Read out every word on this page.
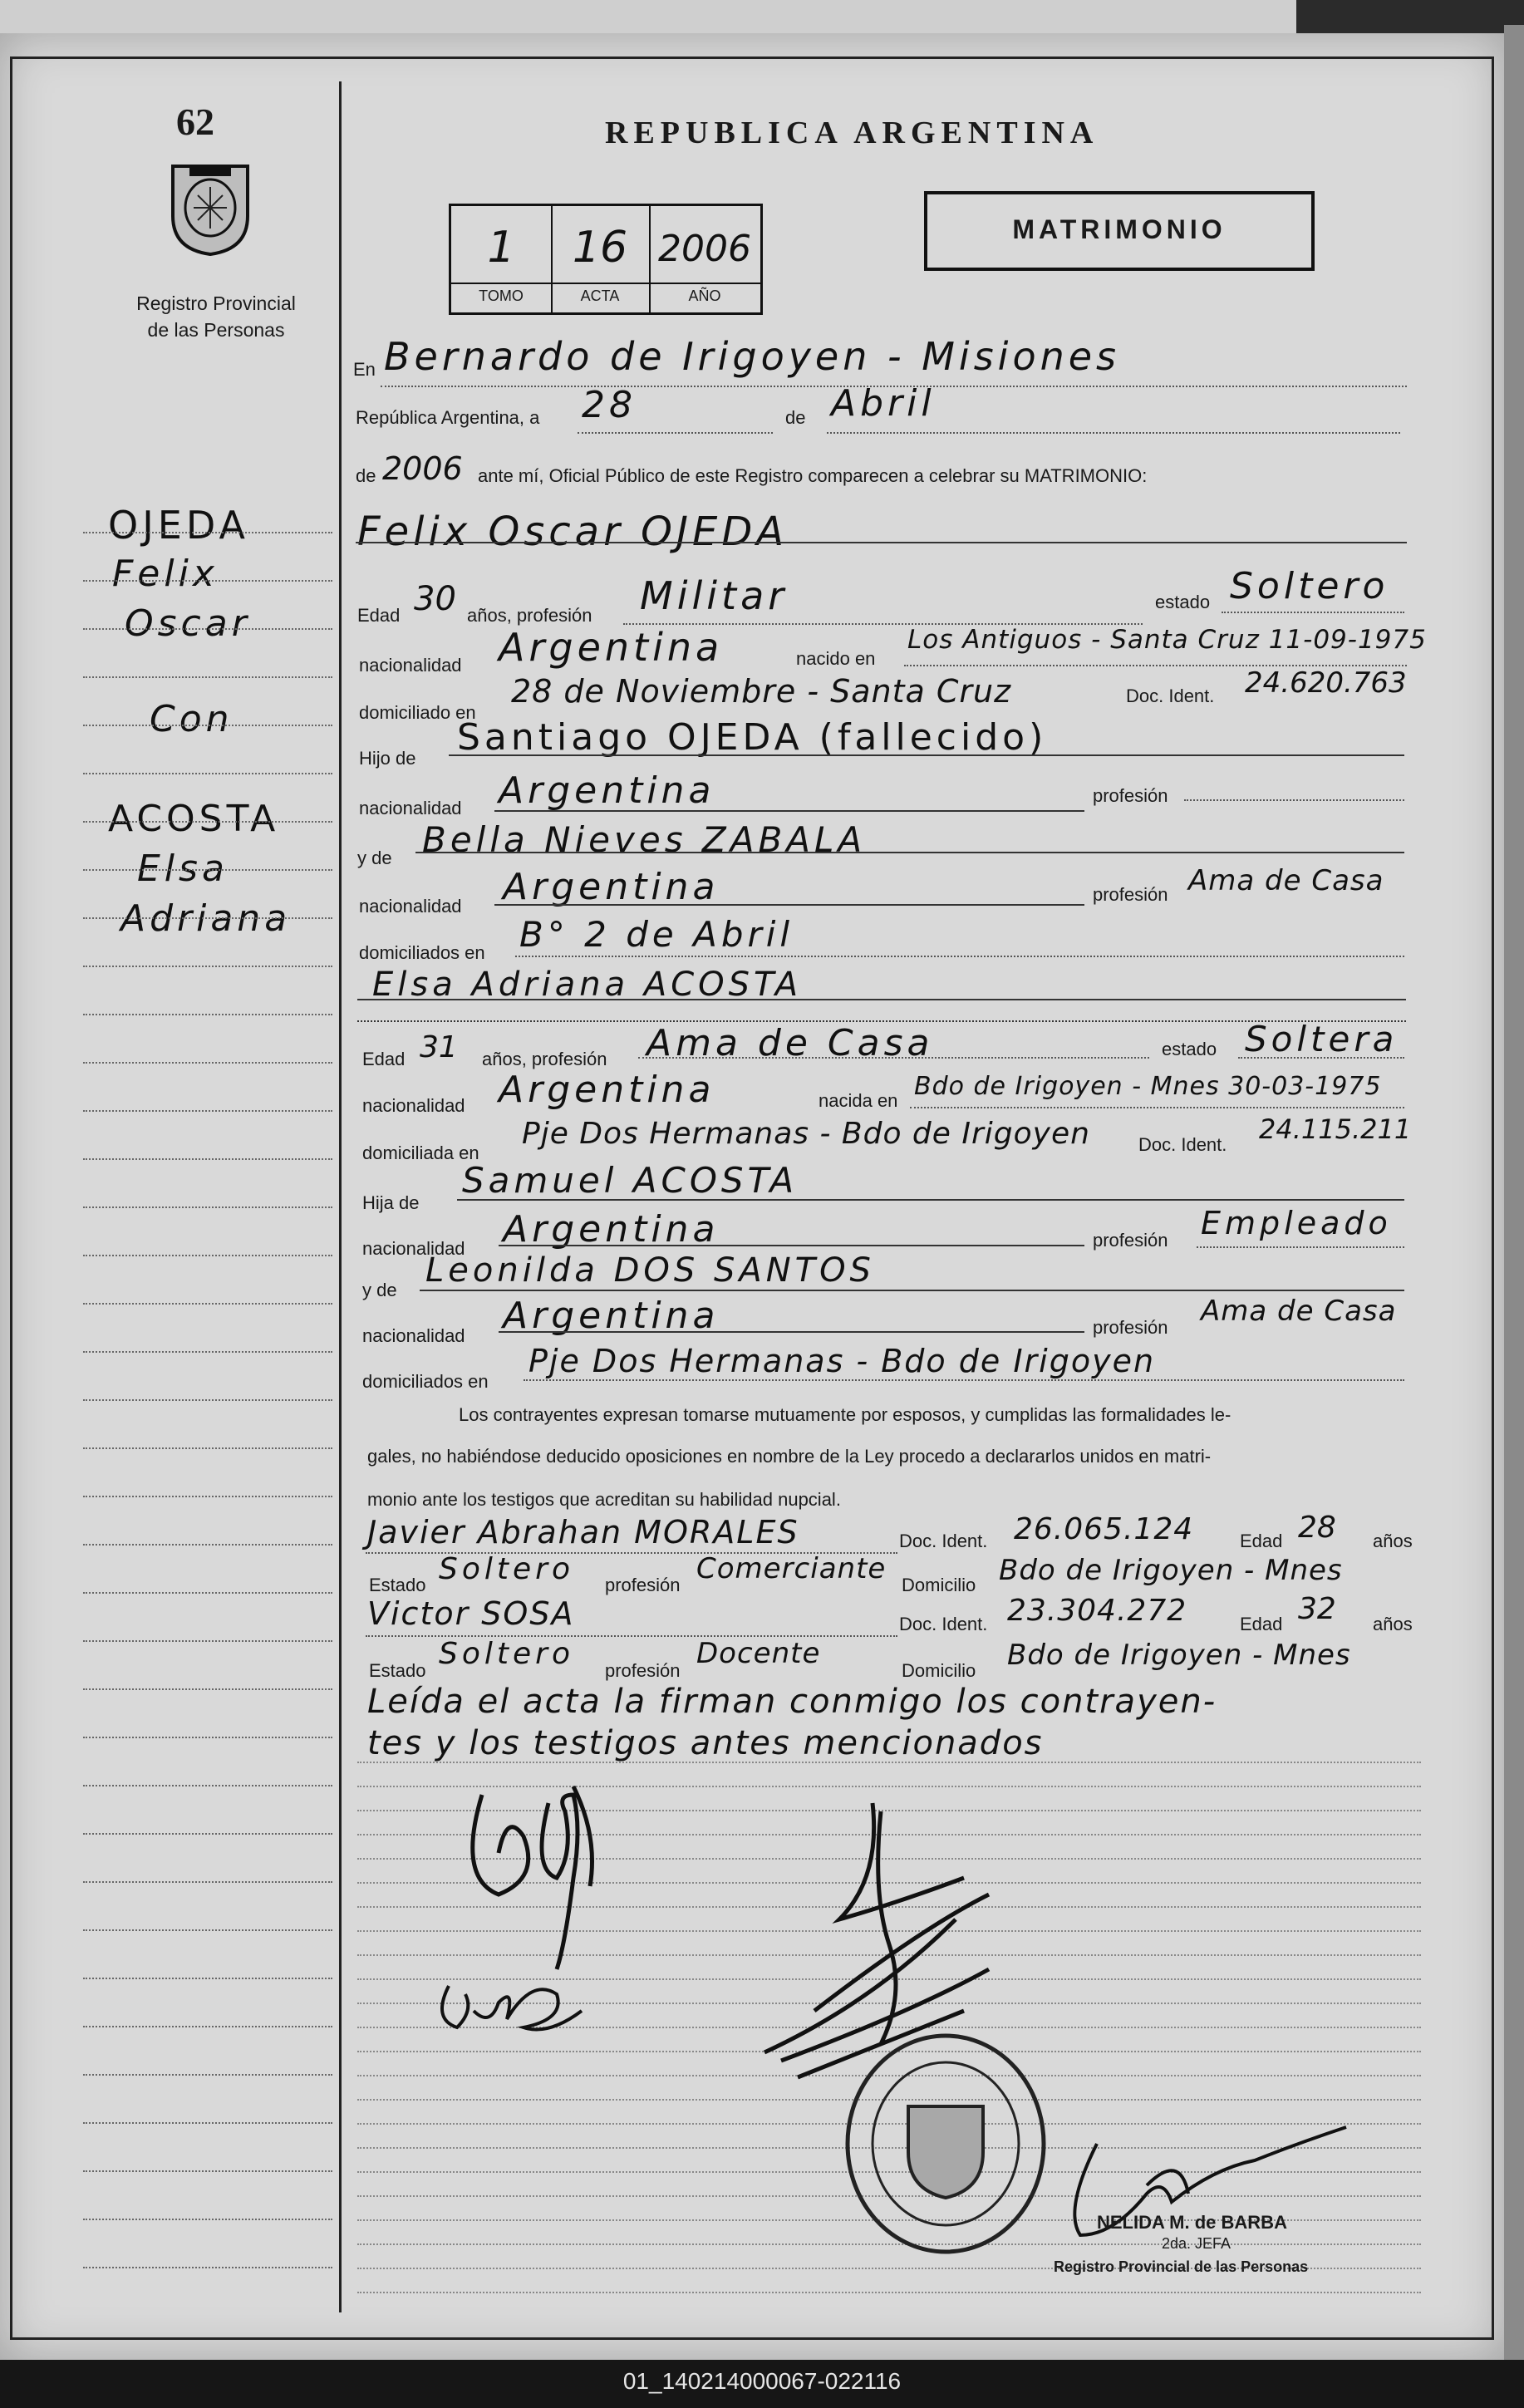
62
Registro Provincial
de las Personas
REPUBLICA ARGENTINA
1	16 2006
TOMO	ACTA	AÑO
MATRIMONIO
OJEDA
Felix
Oscar
Con
ACOSTA
Elsa
Adriana
En Bernardo de Irigoyen - Misiones
República Argentina, a 28	de Abril
de 2006 ante mí, Oficial Público de este Registro comparecen a celebrar su MATRIMONIO:
Felix Oscar OJEDA
Edad 30 años, profesión Militar	estado Soltero
nacionalidad Argentina	nacido en
Los Antiguos - Santa Cruz 11-09-1975
domiciliado en
28 de Noviembre - Santa Cruz	Doc. Ident. 24.620.763
Hijo de Santiago OJEDA (fallecido)
nacionalidad Argentina	profesión
y de Bella Nieves ZABALA
nacionalidad Argentina	profesión Ama de Casa
domiciliados en B° 2 de Abril
Elsa Adriana ACOSTA
Edad 31 años, profesión Ama de Casa	estado Soltera
nacionalidad Argentina	nacida en Bdo de Irigoyen - Mnes 30-03-1975
domiciliada en
Pje Dos Hermanas - Bdo de Irigoyen	Doc. Ident. 24.115.211
Hija de
Samuel ACOSTA
nacionalidad Argentina	profesión Empleado
y de
Leonilda DOS SANTOS
nacionalidad Argentina	profesión Ama de Casa
domiciliados en
Pje Dos Hermanas - Bdo de Irigoyen
Los contrayentes expresan tomarse mutuamente por esposos, y cumplidas las formalidades le-
gales, no habiéndose deducido oposiciones en nombre de la Ley procedo a declararlos unidos en matri-
monio ante los testigos que acreditan su habilidad nupcial.
Javier Abrahan MORALES	Doc. Ident. 26.065.124	Edad 28 años
Estado Soltero profesión Comerciante Domicilio Bdo de Irigoyen - Mnes
Victor SOSA	Doc. Ident. 23.304.272	Edad 32 años
Estado Soltero profesión
Docente
Domicilio Bdo de Irigoyen - Mnes
Leída el acta la firman conmigo los contrayen-
tes y los testigos antes mencionados
NELIDA M. de BARBA
2da. JEFA
Registro Provincial de las Personas
01_140214000067-022116
